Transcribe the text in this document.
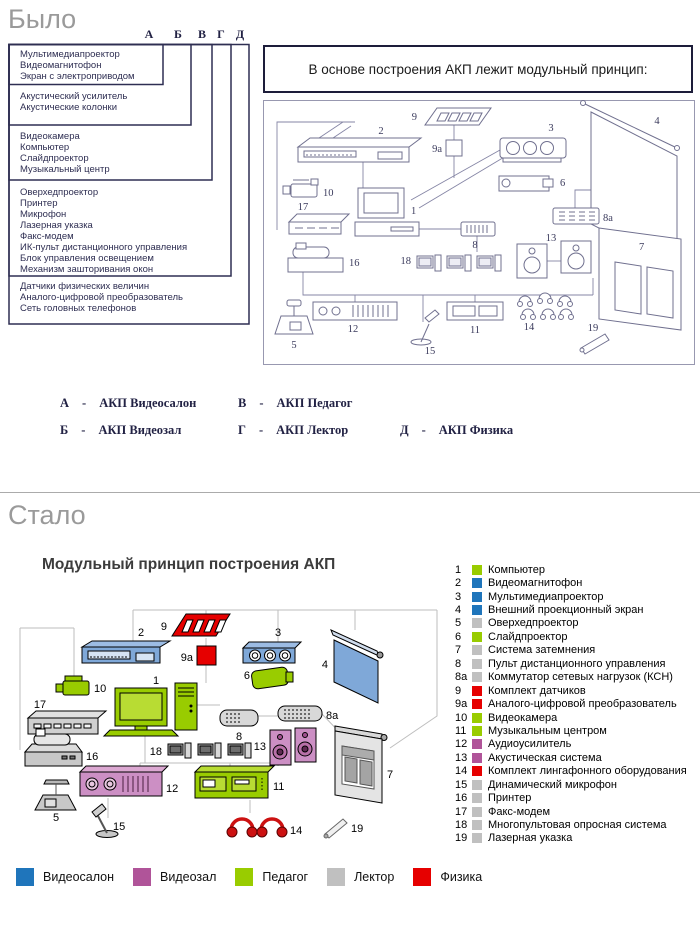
Было	А Б В Г Д
Мультимедиапроектор
Видеомагнитофон
Экран с электроприводом
Акустический усилитель
Акустические колонки
Видеокамера
Компьютер
Слайдпроектор
Музыкальный центр
Оверхедпроектор
Принтер
Микрофон
Лазерная указка
Факс-модем
ИК-пульт дистанционного управления
Блок управления освещением
Механизм зашторивания окон
Датчики физических величин
Аналого-цифровой преобразователь
Сеть головных телефонов
В основе построения АКП лежит модульный принцип:
2
9
9a
3
4
6
10
1
17
16
8
8a
13
18
7
12
5
15
11	14	19
А - АКП Видеосалон	В - АКП Педагог
Б - АКП Видеозал	Г - АКП Лектор	Д - АКП Физика
Стало
Модульный принцип построения АКП
2 9
9a
3
4
6
10
1
17
8
8a
16	18	13
7
12
5
15
11
14	19
1	Компьютер
2	Видеомагнитофон
3	Мультимедиапроектор
4	Внешний проекционный экран
5	Оверхедпроектор
6	Слайдпроектор
7	Система затемнения
8	Пульт дистанционного управления
8a	Коммутатор сетевых нагрузок (КСН)
9	Комплект датчиков
9a	Аналого-цифровой преобразователь
10	Видеокамера
11	Музыкальным центром
12	Аудиоусилитель
13	Акустическая система
14	Комплект лингафонного оборудования
15	Динамический микрофон
16	Принтер
17	Факс-модем
18	Многопультовая опросная система
19	Лазерная указка
Видеосалон	Видеозал	Педагог	Лектор	Физика
